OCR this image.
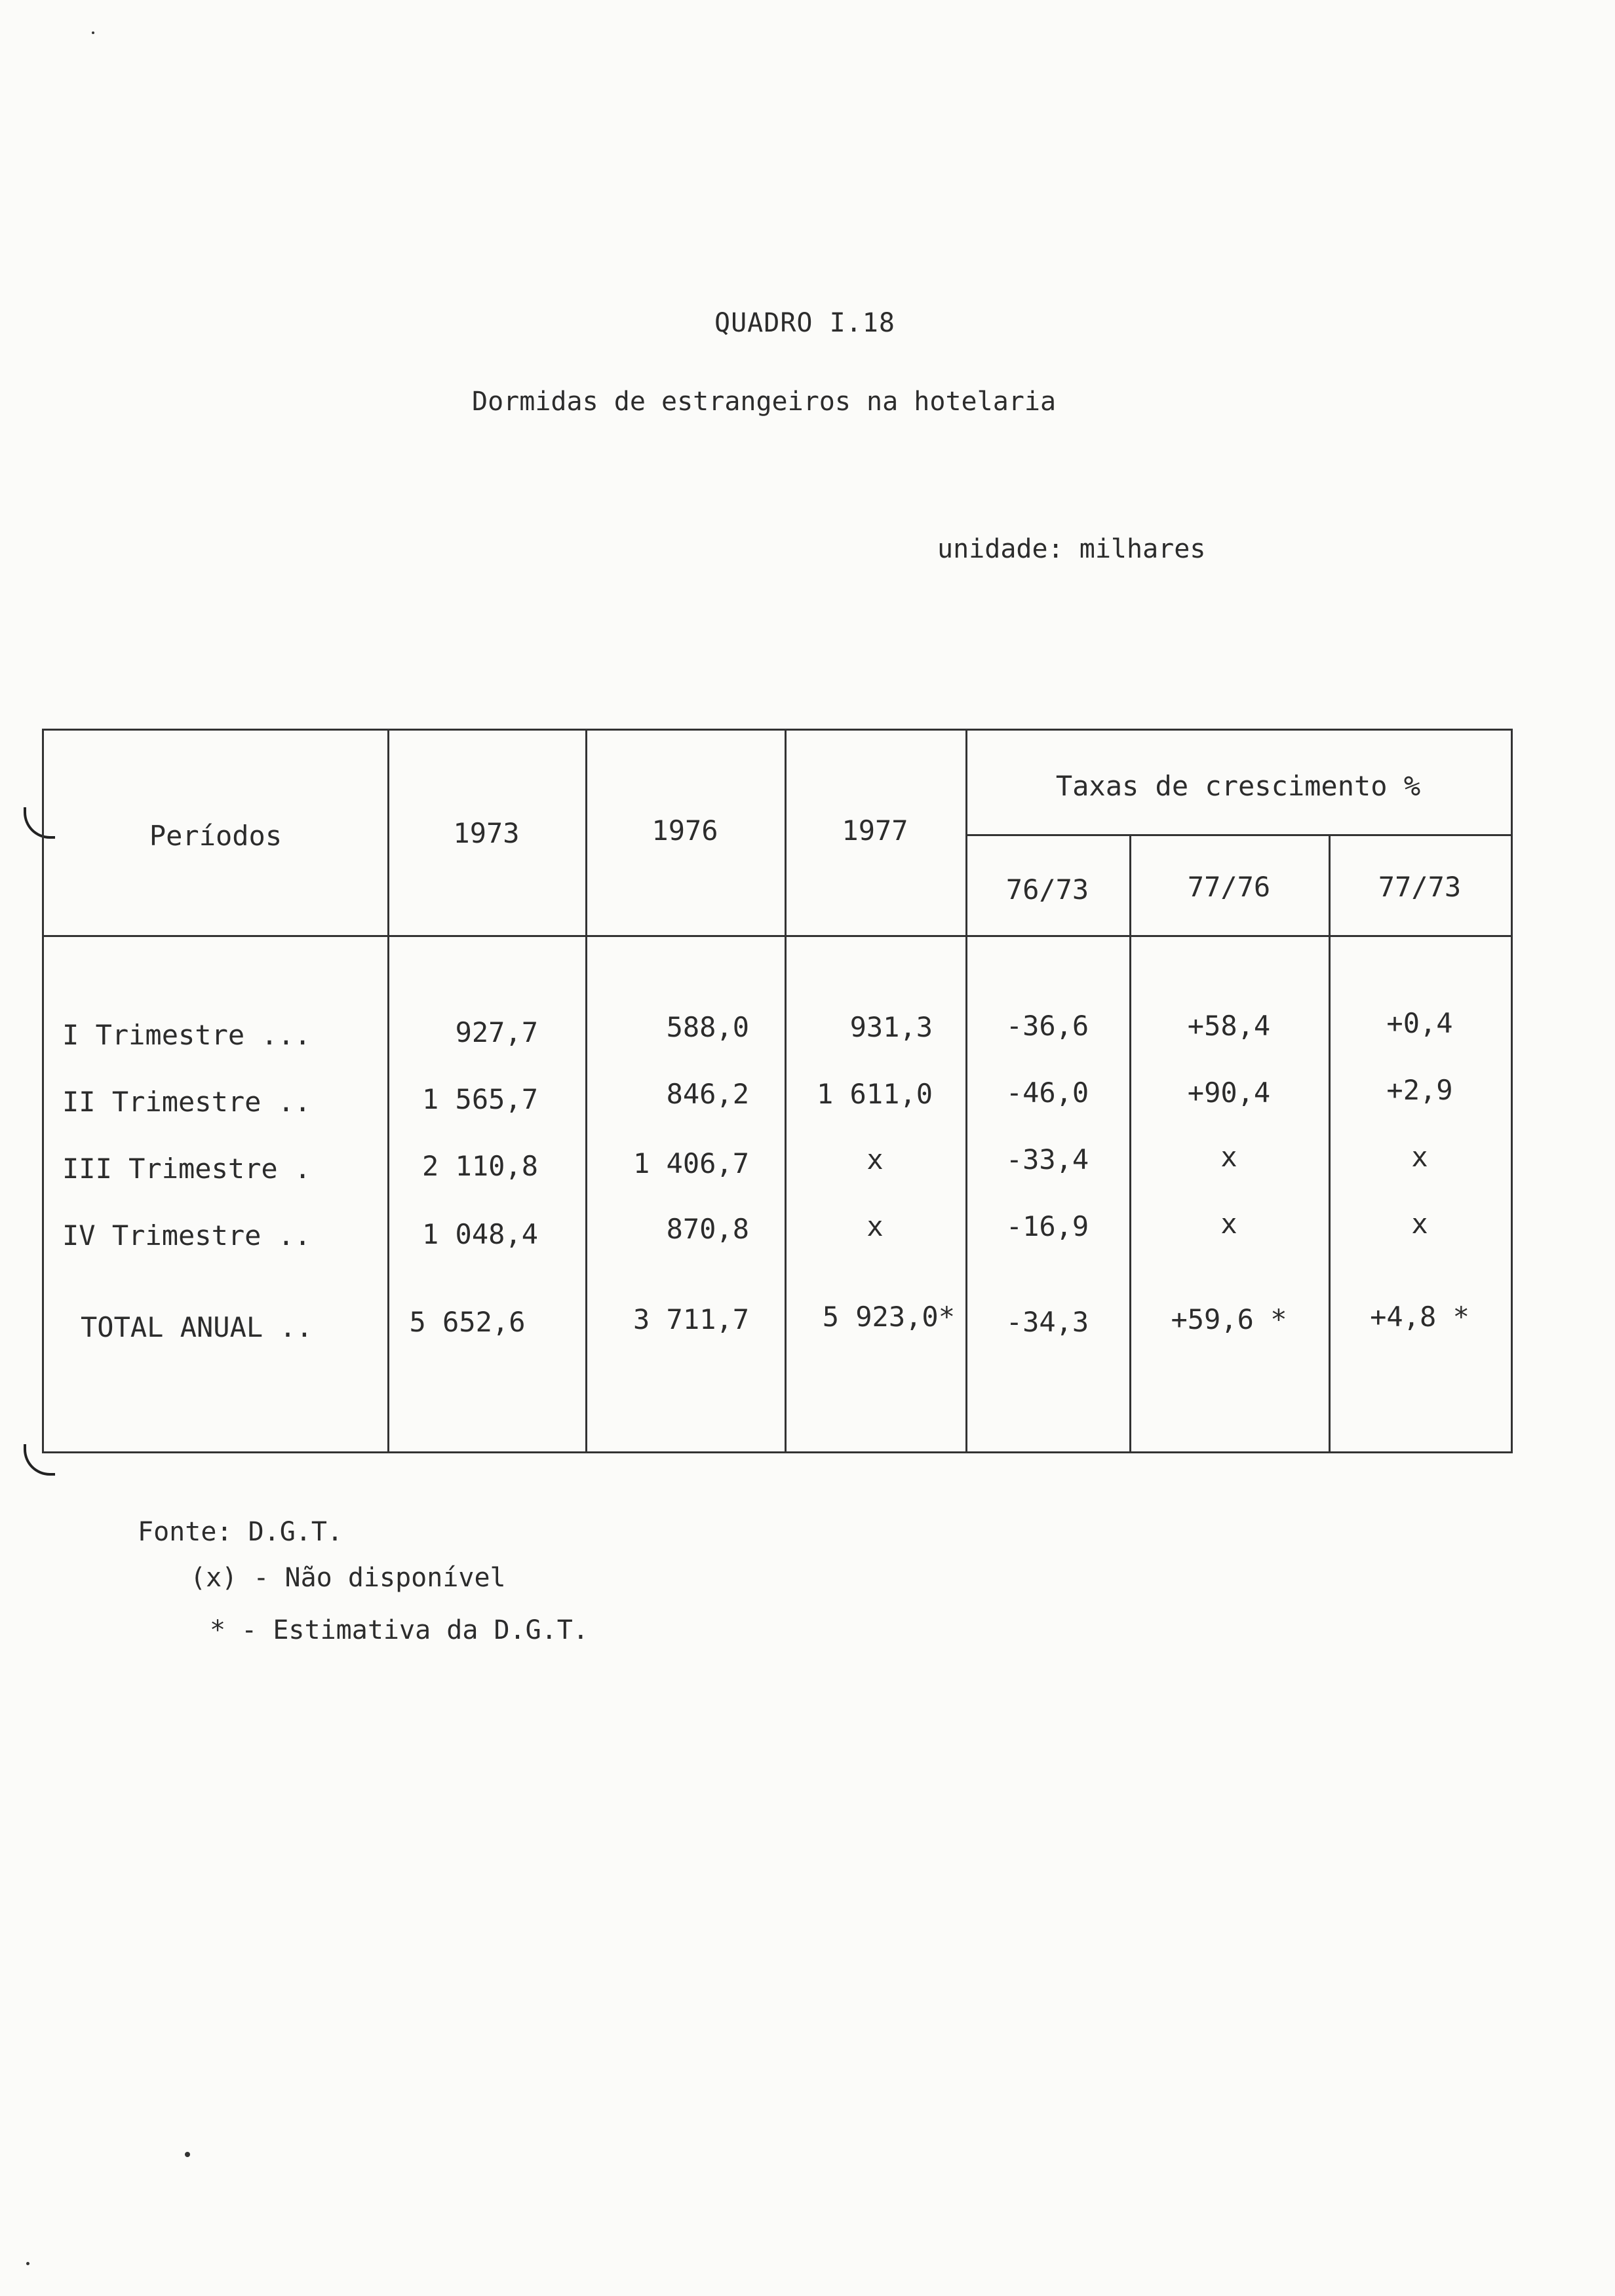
QUADRO I.18
Dormidas de estrangeiros na hotelaria
unidade: milhares
Períodos	1973	1976	1977
Taxas de crescimento %
76/73	77/76	77/73
I Trimestre ...	927,7	588,0	931,3	-36,6	+58,4	+0,4
II Trimestre ..	1 565,7	846,2	1 611,0	-46,0	+90,4	+2,9
III Trimestre .	2 110,8	1 406,7	x	-33,4	x	x
IV Trimestre ..	1 048,4	870,8	x	-16,9	x	x
TOTAL ANUAL ..	5 652,6	3 711,7	5 923,0*	-34,3	+59,6 *	+4,8 *
Fonte: D.G.T.
(x) - Não disponível
* - Estimativa da D.G.T.
